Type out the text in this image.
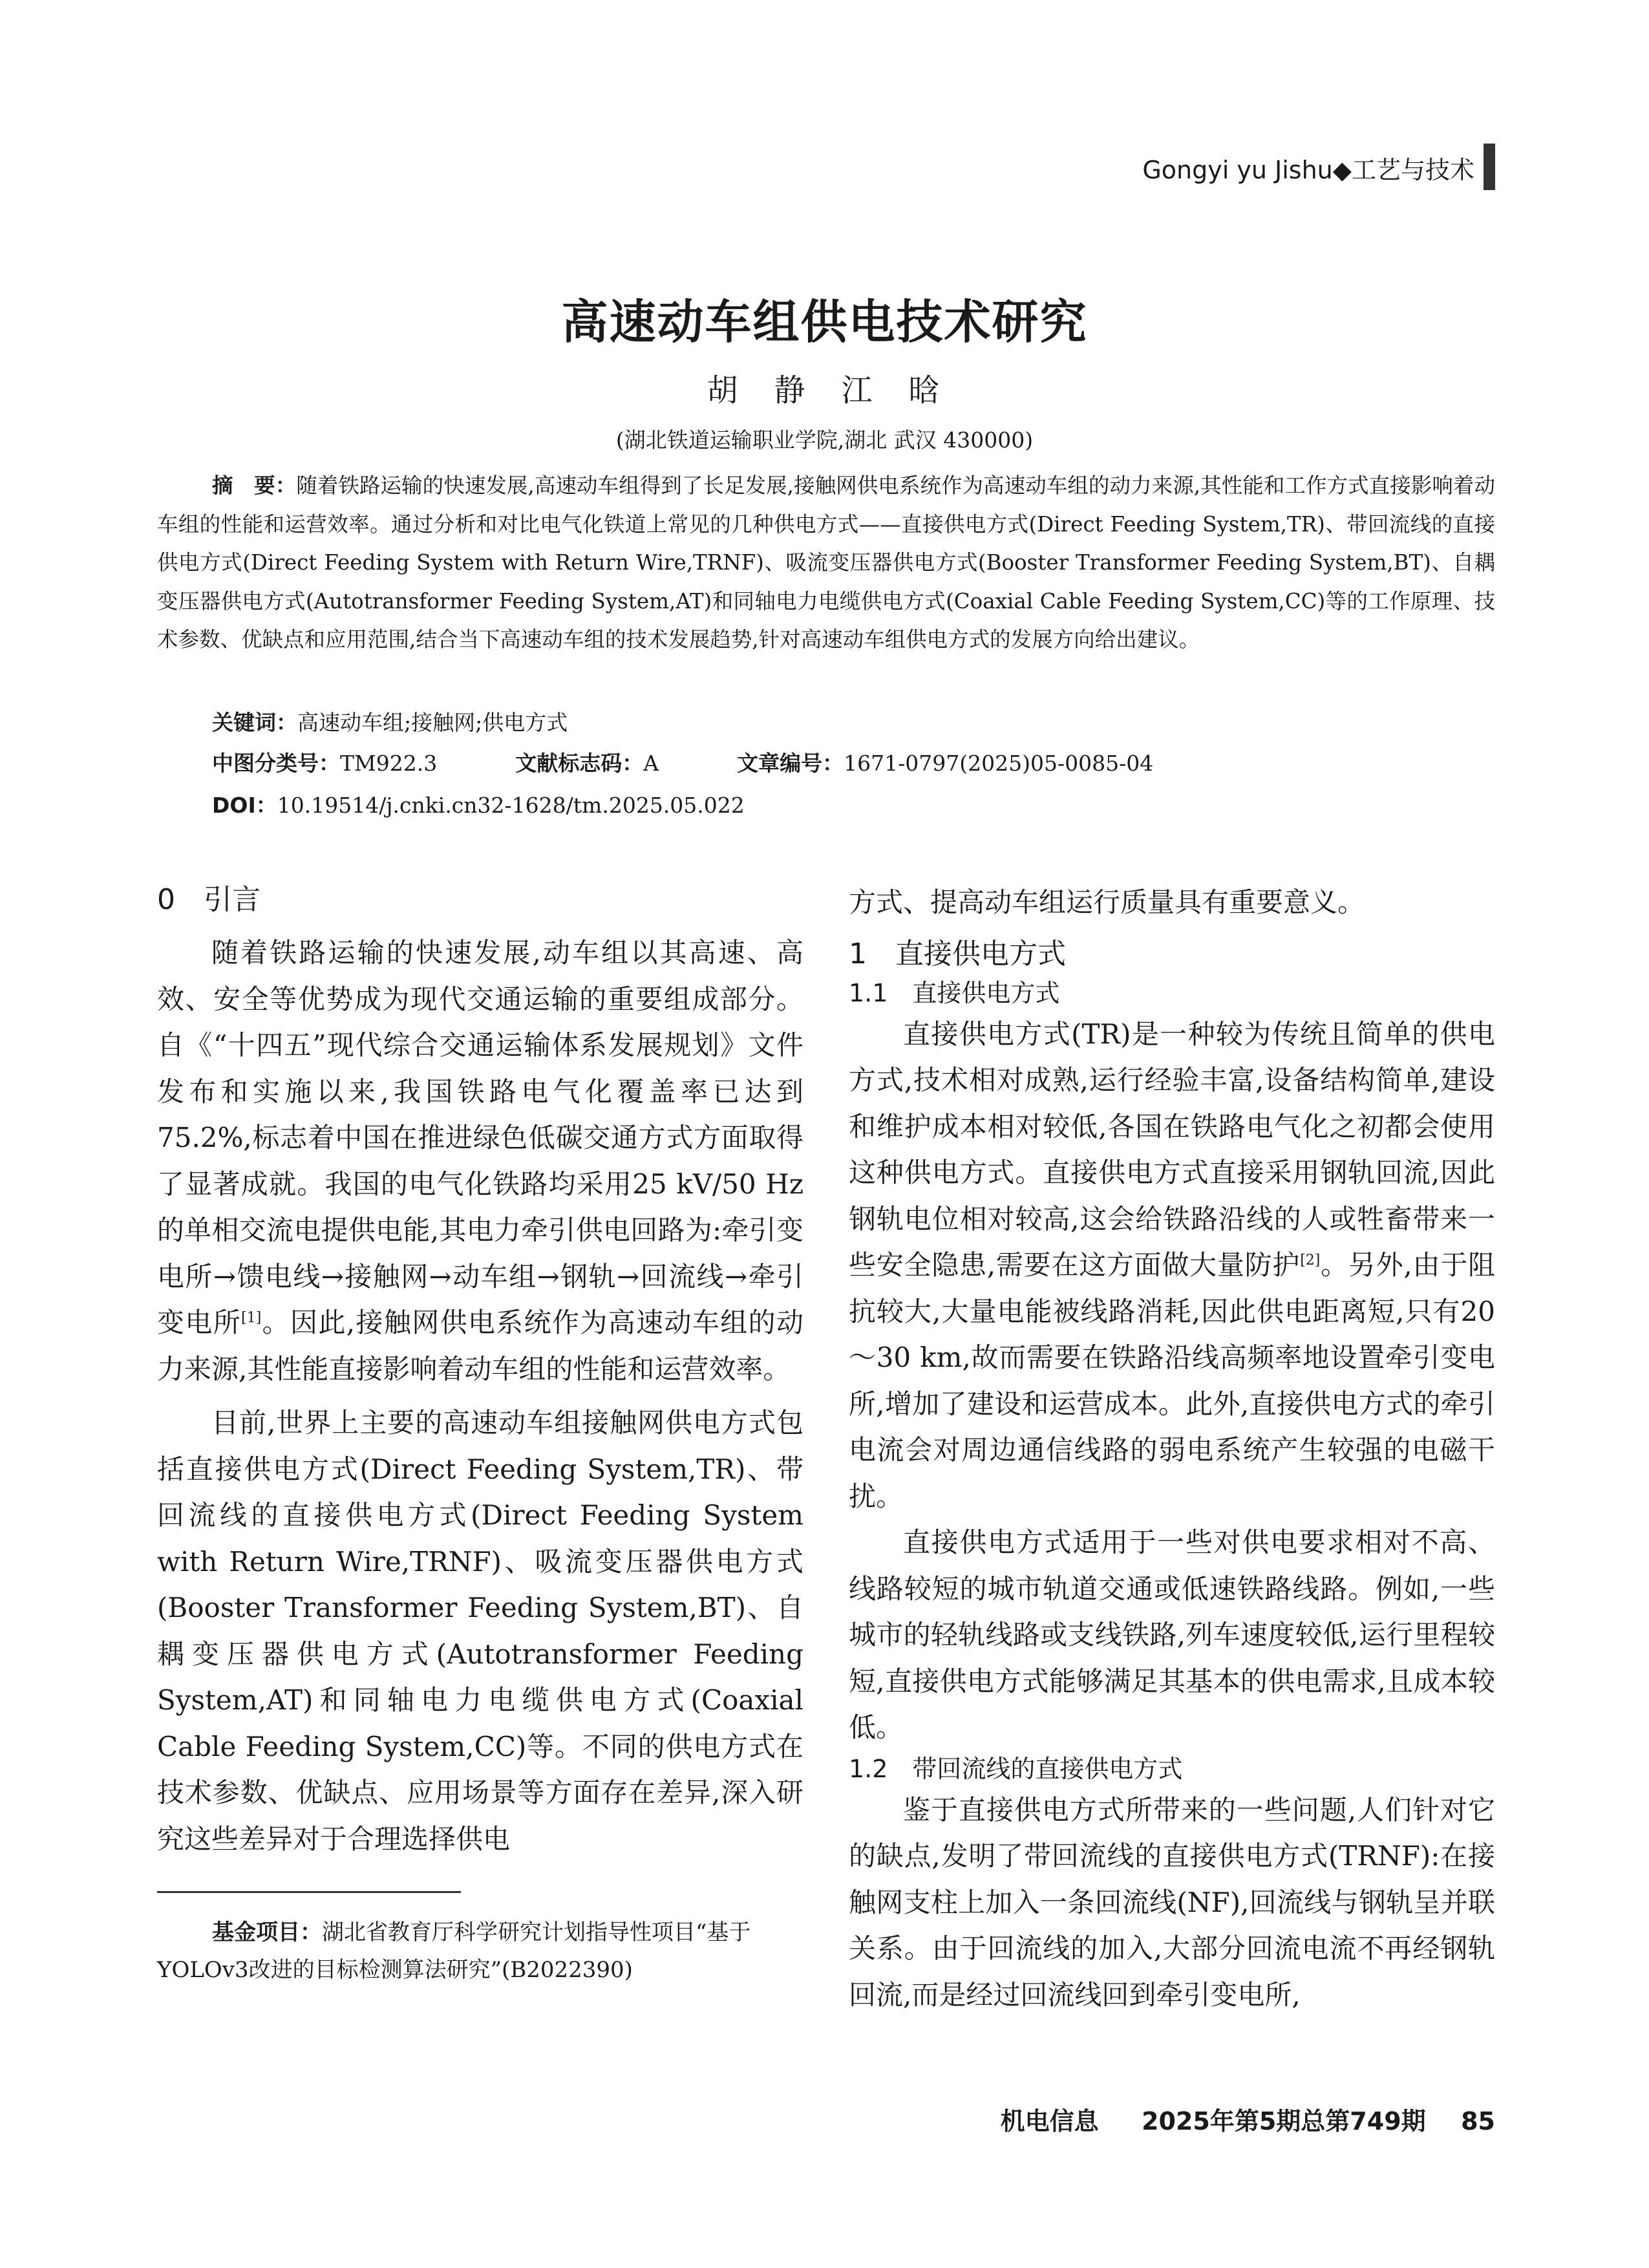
Gongyi yu Jishu◆工艺与技术
高速动车组供电技术研究
胡　静　江　晗
(湖北铁道运输职业学院,湖北 武汉 430000)

摘　要：随着铁路运输的快速发展,高速动车组得到了长足发展,接触网供电系统作为高速动车组的动力来源,其性能和工作方式直接影响着动车组的性能和运营效率。通过分析和对比电气化铁道上常见的几种供电方式——直接供电方式(Direct Feeding System,TR)、带回流线的直接供电方式(Direct Feeding System with Return Wire,TRNF)、吸流变压器供电方式(Booster Transformer Feeding System,BT)、自耦变压器供电方式(Autotransformer Feeding System,AT)和同轴电力电缆供电方式(Coaxial Cable Feeding System,CC)等的工作原理、技术参数、优缺点和应用范围,结合当下高速动车组的技术发展趋势,针对高速动车组供电方式的发展方向给出建议。

关键词：高速动车组;接触网;供电方式
中图分类号：TM922.3	文献标志码：A	文章编号：1671-0797(2025)05-0085-04
DOI：10.19514/j.cnki.cn32-1628/tm.2025.05.022
0　引言

随着铁路运输的快速发展,动车组以其高速、高效、安全等优势成为现代交通运输的重要组成部分。自《“十四五”现代综合交通运输体系发展规划》文件发布和实施以来,我国铁路电气化覆盖率已达到75.2%,标志着中国在推进绿色低碳交通方式方面取得了显著成就。我国的电气化铁路均采用25 kV/50 Hz的单相交流电提供电能,其电力牵引供电回路为:牵引变电所→馈电线→接触网→动车组→钢轨→回流线→牵引变电所[1]。因此,接触网供电系统作为高速动车组的动力来源,其性能直接影响着动车组的性能和运营效率。

目前,世界上主要的高速动车组接触网供电方式包括直接供电方式(Direct Feeding System,TR)、带回流线的直接供电方式(Direct Feeding System with Return Wire,TRNF)、吸流变压器供电方式(Booster Transformer Feeding System,BT)、自耦变压器供电方式(Autotransformer Feeding System,AT)和同轴电力电缆供电方式(Coaxial Cable Feeding System,CC)等。不同的供电方式在技术参数、优缺点、应用场景等方面存在差异,深入研究这些差异对于合理选择供电

方式、提高动车组运行质量具有重要意义。

1　直接供电方式
1.1　直接供电方式

直接供电方式(TR)是一种较为传统且简单的供电方式,技术相对成熟,运行经验丰富,设备结构简单,建设和维护成本相对较低,各国在铁路电气化之初都会使用这种供电方式。直接供电方式直接采用钢轨回流,因此钢轨电位相对较高,这会给铁路沿线的人或牲畜带来一些安全隐患,需要在这方面做大量防护[2]。另外,由于阻抗较大,大量电能被线路消耗,因此供电距离短,只有20～30 km,故而需要在铁路沿线高频率地设置牵引变电所,增加了建设和运营成本。此外,直接供电方式的牵引电流会对周边通信线路的弱电系统产生较强的电磁干扰。

直接供电方式适用于一些对供电要求相对不高、线路较短的城市轨道交通或低速铁路线路。例如,一些城市的轻轨线路或支线铁路,列车速度较低,运行里程较短,直接供电方式能够满足其基本的供电需求,且成本较低。

1.2　带回流线的直接供电方式

鉴于直接供电方式所带来的一些问题,人们针对它的缺点,发明了带回流线的直接供电方式(TRNF):在接触网支柱上加入一条回流线(NF),回流线与钢轨呈并联关系。由于回流线的加入,大部分回流电流不再经钢轨回流,而是经过回流线回到牵引变电所,

基金项目：湖北省教育厅科学研究计划指导性项目“基于YOLOv3改进的目标检测算法研究”(B2022390)

机电信息 2025年第5期总第749期 85
